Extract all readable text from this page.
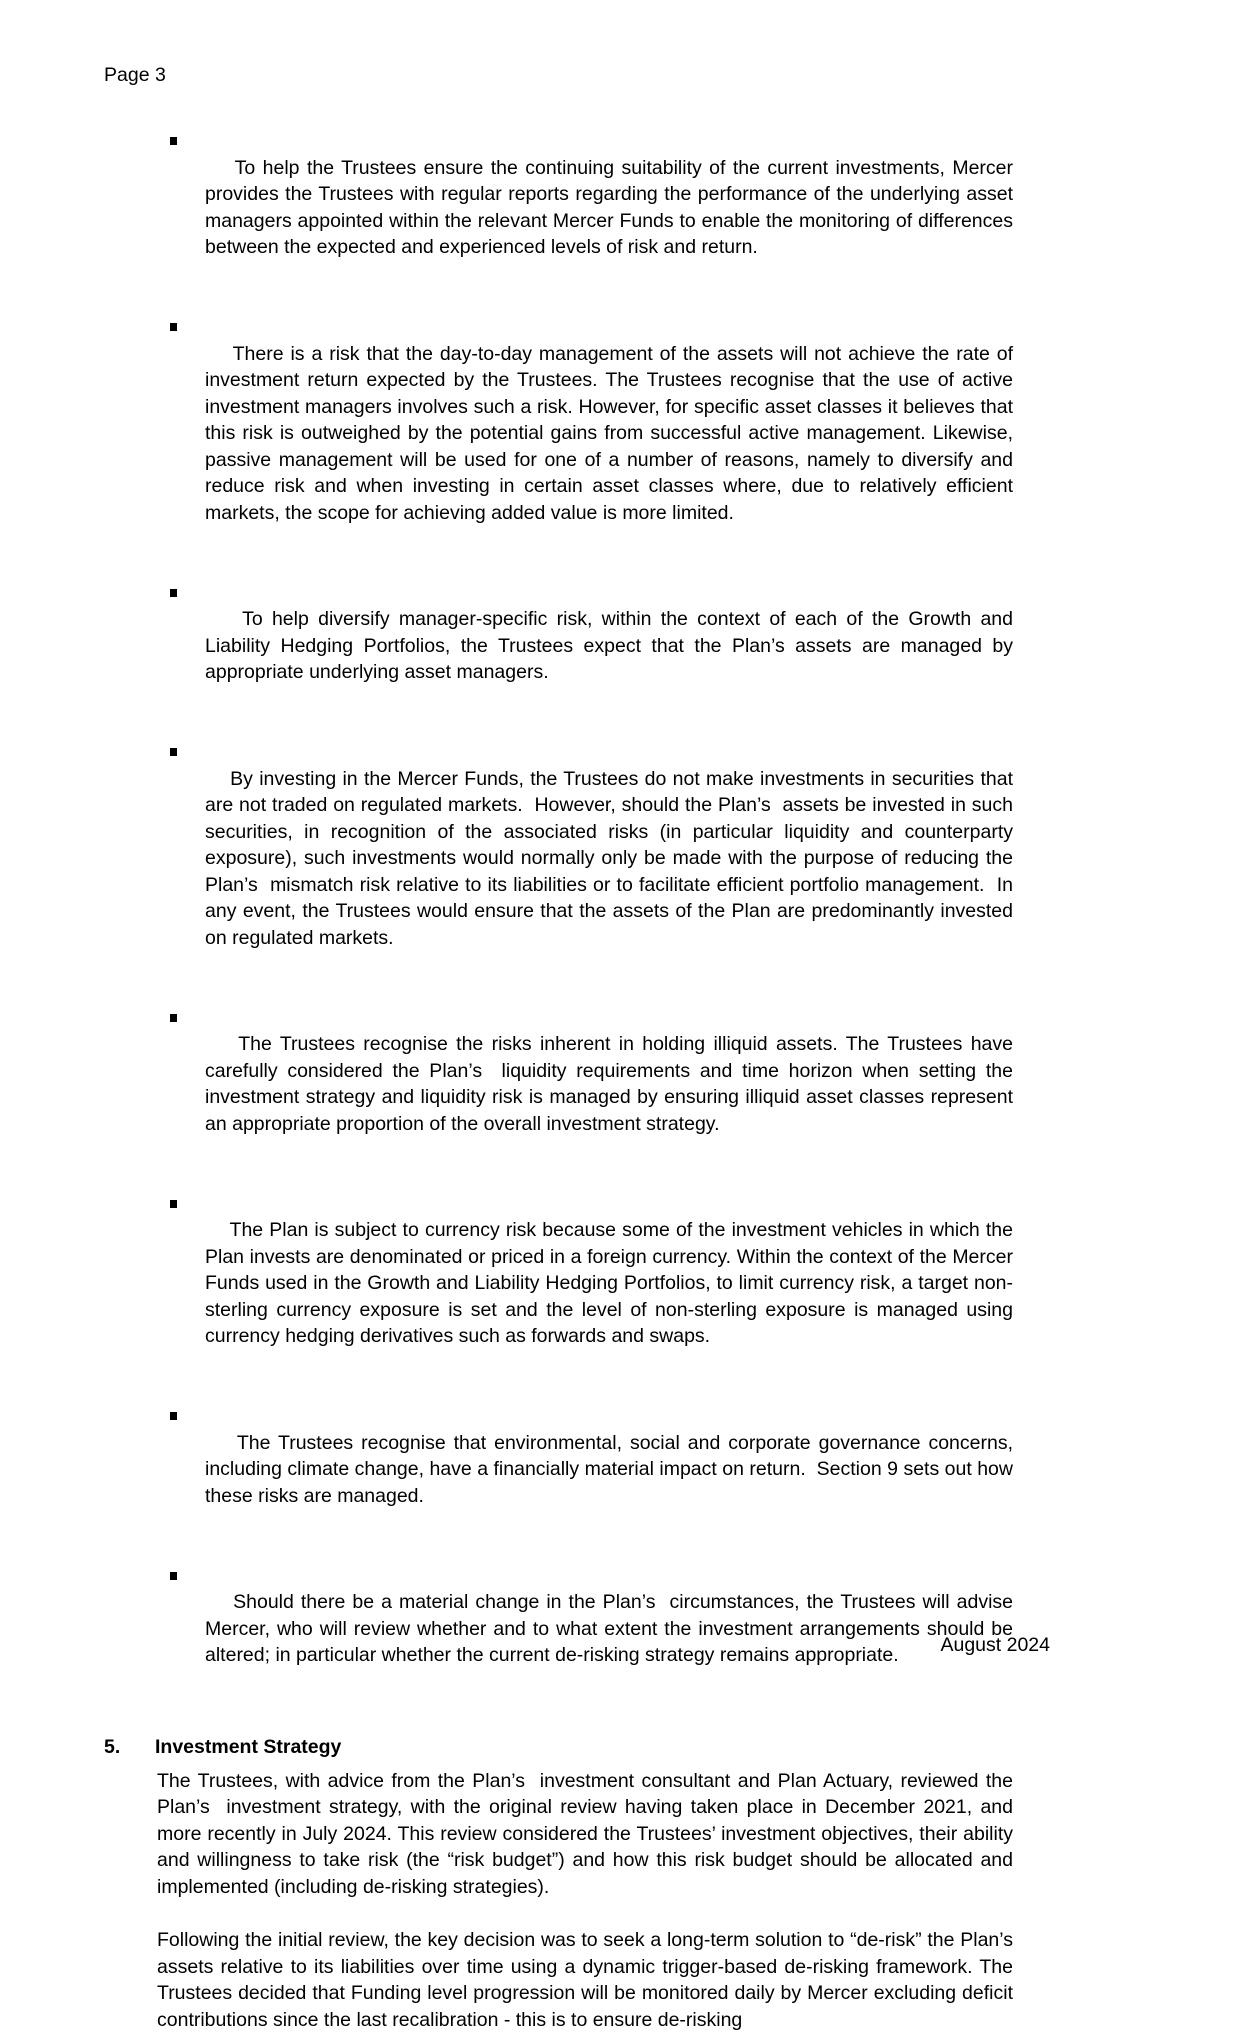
Page 3

To help the Trustees ensure the continuing suitability of the current investments, Mercer provides the Trustees with regular reports regarding the performance of the underlying asset managers appointed within the relevant Mercer Funds to enable the monitoring of differences between the expected and experienced levels of risk and return.

There is a risk that the day-to-day management of the assets will not achieve the rate of investment return expected by the Trustees. The Trustees recognise that the use of active investment managers involves such a risk. However, for specific asset classes it believes that this risk is outweighed by the potential gains from successful active management. Likewise, passive management will be used for one of a number of reasons, namely to diversify and reduce risk and when investing in certain asset classes where, due to relatively efficient markets, the scope for achieving added value is more limited.

To help diversify manager-specific risk, within the context of each of the Growth and Liability Hedging Portfolios, the Trustees expect that the Plan’s assets are managed by appropriate underlying asset managers.

By investing in the Mercer Funds, the Trustees do not make investments in securities that are not traded on regulated markets.  However, should the Plan’s  assets be invested in such securities, in recognition of the associated risks (in particular liquidity and counterparty exposure), such investments would normally only be made with the purpose of reducing the Plan’s  mismatch risk relative to its liabilities or to facilitate efficient portfolio management.  In any event, the Trustees would ensure that the assets of the Plan are predominantly invested on regulated markets.

The Trustees recognise the risks inherent in holding illiquid assets. The Trustees have carefully considered the Plan’s  liquidity requirements and time horizon when setting the investment strategy and liquidity risk is managed by ensuring illiquid asset classes represent an appropriate proportion of the overall investment strategy.

The Plan is subject to currency risk because some of the investment vehicles in which the Plan invests are denominated or priced in a foreign currency. Within the context of the Mercer Funds used in the Growth and Liability Hedging Portfolios, to limit currency risk, a target non-sterling currency exposure is set and the level of non-sterling exposure is managed using currency hedging derivatives such as forwards and swaps.

The Trustees recognise that environmental, social and corporate governance concerns, including climate change, have a financially material impact on return.  Section 9 sets out how these risks are managed.

Should there be a material change in the Plan’s  circumstances, the Trustees will advise Mercer, who will review whether and to what extent the investment arrangements should be altered; in particular whether the current de-risking strategy remains appropriate.

5.	Investment Strategy
The Trustees, with advice from the Plan’s  investment consultant and Plan Actuary, reviewed the Plan’s  investment strategy, with the original review having taken place in December 2021, and more recently in July 2024. This review considered the Trustees’ investment objectives, their ability and willingness to take risk (the “risk budget”) and how this risk budget should be allocated and implemented (including de-risking strategies).
Following the initial review, the key decision was to seek a long-term solution to “de-risk” the Plan’s  assets relative to its liabilities over time using a dynamic trigger-based de-risking framework. The Trustees decided that Funding level progression will be monitored daily by Mercer excluding deficit contributions since the last recalibration - this is to ensure de-risking
August 2024
